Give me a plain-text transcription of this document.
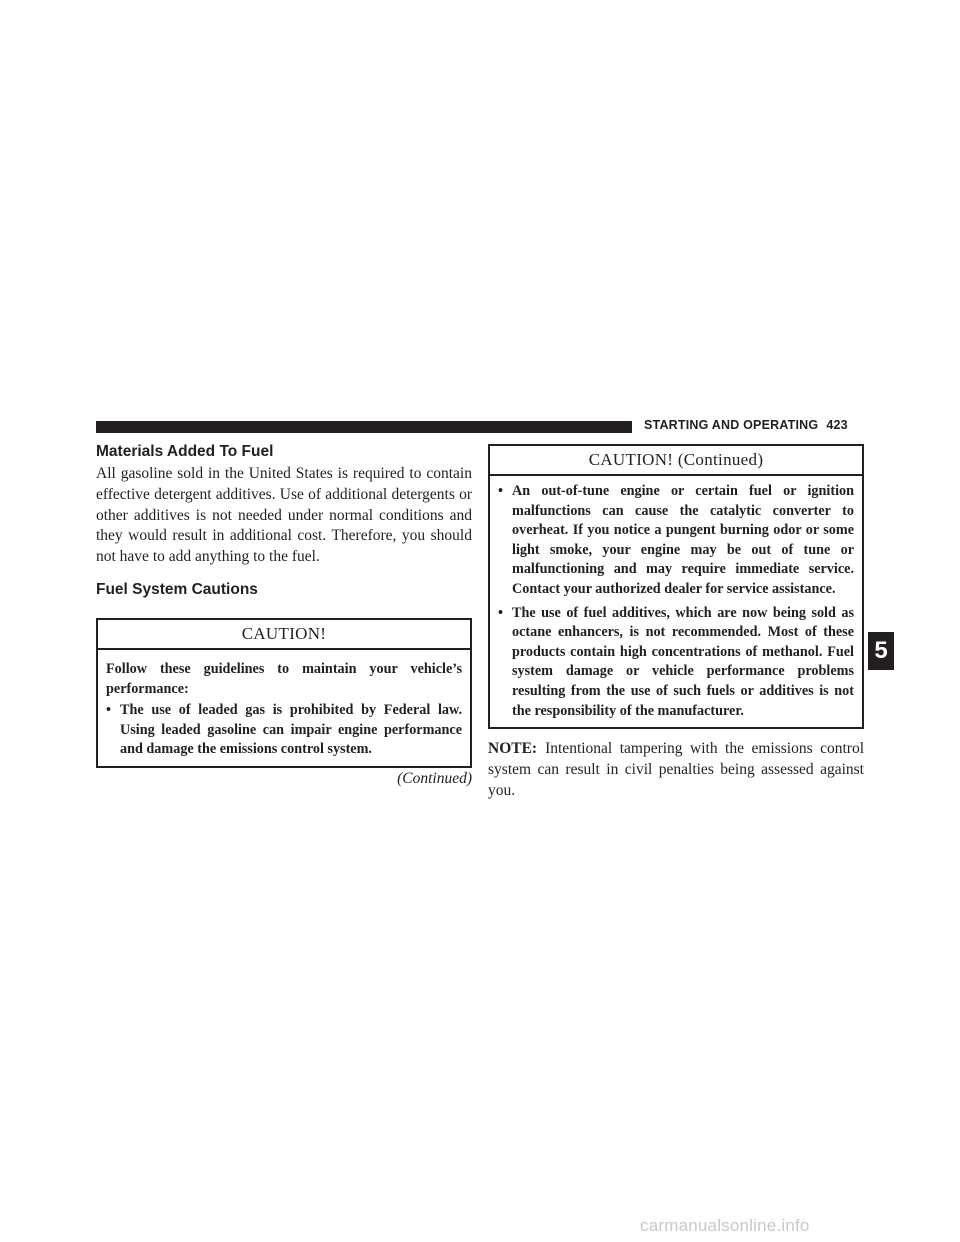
STARTING AND OPERATING 423
Materials Added To Fuel

All gasoline sold in the United States is required to contain effective detergent additives. Use of additional detergents or other additives is not needed under normal conditions and they would result in additional cost. Therefore, you should not have to add anything to the fuel.

Fuel System Cautions
CAUTION!

Follow these guidelines to maintain your vehicle’s performance:

• The use of leaded gas is prohibited by Federal law. Using leaded gasoline can impair engine performance and damage the emissions control system.
(Continued)
CAUTION! (Continued)
• An out-of-tune engine or certain fuel or ignition malfunctions can cause the catalytic converter to overheat. If you notice a pungent burning odor or some light smoke, your engine may be out of tune or malfunctioning and may require immediate service. Contact your authorized dealer for service assistance.
• The use of fuel additives, which are now being sold as octane enhancers, is not recommended. Most of these products contain high concentrations of methanol. Fuel system damage or vehicle performance problems resulting from the use of such fuels or additives is not the responsibility of the manufacturer.

NOTE: Intentional tampering with the emissions control system can result in civil penalties being assessed against you.

5
carmanualsonline.info
